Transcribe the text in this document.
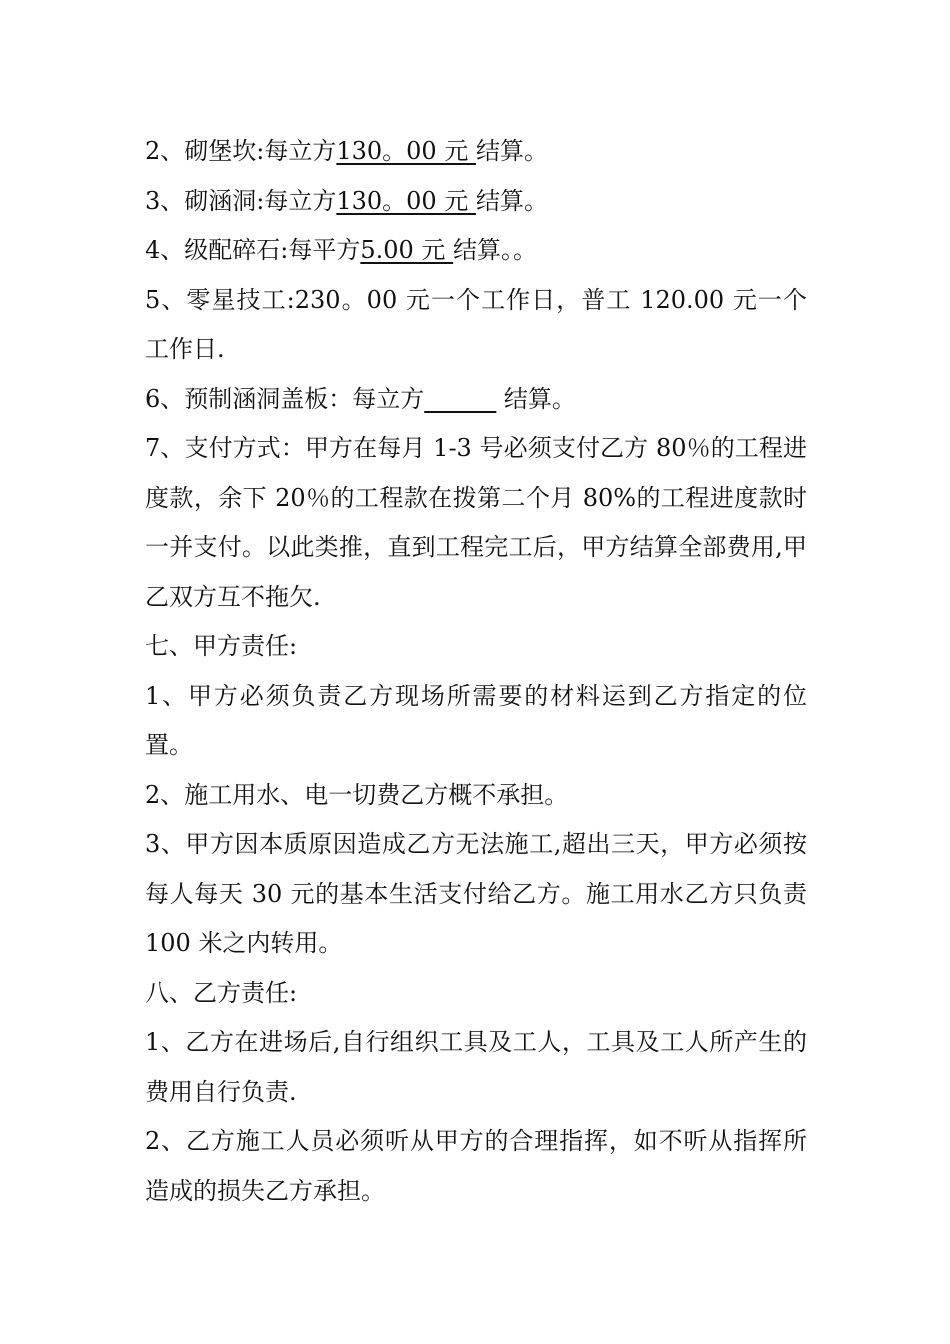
2、砌堡坎:每立方130。00 元 结算。

3、砌涵洞:每立方130。00 元 结算。

4、级配碎石:每平方5.00 元 结算。。

5、零星技工:230。00 元一个工作日，普工 120.00 元一个工作日.

6、预制涵洞盖板：每立方______ 结算。

7、支付方式：甲方在每月 1-3 号必须支付乙方 80％的工程进度款，余下 20％的工程款在拨第二个月 80%的工程进度款时一并支付。以此类推，直到工程完工后，甲方结算全部费用,甲乙双方互不拖欠.

七、甲方责任:

1、甲方必须负责乙方现场所需要的材料运到乙方指定的位置。

2、施工用水、电一切费乙方概不承担。

3、甲方因本质原因造成乙方无法施工,超出三天，甲方必须按每人每天 30 元的基本生活支付给乙方。施工用水乙方只负责 100 米之内转用。

八、乙方责任:

1、乙方在进场后,自行组织工具及工人，工具及工人所产生的费用自行负责.

2、乙方施工人员必须听从甲方的合理指挥，如不听从指挥所造成的损失乙方承担。
